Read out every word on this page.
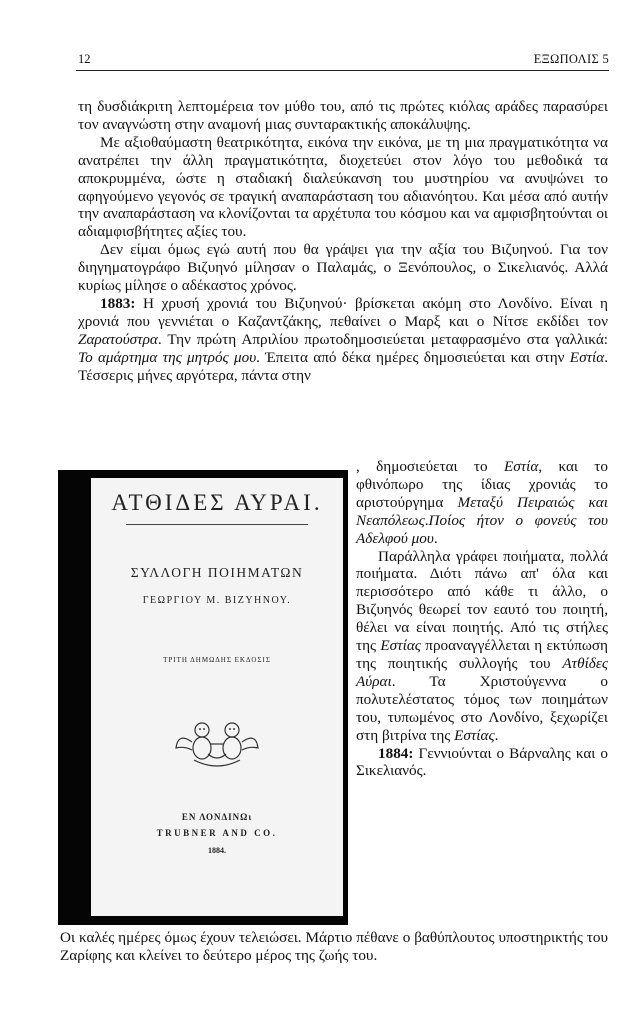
12	ΕΞΩΠΟΛΙΣ 5

τη δυσδιάκριτη λεπτομέρεια τον μύθο του, από τις πρώτες κιόλας αράδες παρασύρει τον αναγνώστη στην αναμονή μιας συνταρακτικής αποκάλυψης.

Με αξιοθαύμαστη θεατρικότητα, εικόνα την εικόνα, με τη μια πραγματικότητα να ανατρέπει την άλλη πραγματικότητα, διοχετεύει στον λόγο του μεθοδικά τα αποκρυμμένα, ώστε η σταδιακή διαλεύκανση του μυστηρίου να ανυψώνει το αφηγούμενο γεγονός σε τραγική αναπαράσταση του αδιανόητου. Και μέσα από αυτήν την αναπαράσταση να κλονίζονται τα αρχέτυπα του κόσμου και να αμφισβητούνται οι αδιαμφισβήτητες αξίες του.

Δεν είμαι όμως εγώ αυτή που θα γράψει για την αξία του Βιζυηνού. Για τον διηγηματογράφο Βιζυηνό μίλησαν ο Παλαμάς, ο Ξενόπουλος, ο Σικελιανός. Αλλά κυρίως μίλησε ο αδέκαστος χρόνος.

1883: Η χρυσή χρονιά του Βιζυηνού· βρίσκεται ακόμη στο Λονδίνο. Είναι η χρονιά που γεννιέται ο Καζαντζάκης, πεθαίνει ο Μαρξ και ο Νίτσε εκδίδει τον Ζαρατούστρα. Την πρώτη Απριλίου πρωτοδημοσιεύεται μεταφρασμένο στα γαλλικά: Το αμάρτημα της μητρός μου. Έπειτα από δέκα ημέρες δημοσιεύεται και στην Εστία. Τέσσερις μήνες αργότερα, πάντα στην

ΑΤΘΙΔΕΣ ΑΥΡΑΙ.
ΣΥΛΛΟΓΗ ΠΟΙΗΜΑΤΩΝ
ΓΕΩΡΓΙΟΥ Μ. ΒΙΖΥΗΝΟΥ.
ΤΡΙΤΗ ΔΗΜΩΔΗΣ ΕΚΔΟΣΙΣ
ΕΝ ΛΟΝΔΙΝΩι
TRUBNER AND CO.
1884.

, δημοσιεύεται το Εστία, και το φθινόπωρο της ίδιας χρονιάς το αριστούργημα Μεταξύ Πειραιώς και Νεαπόλεως.Ποίος ήτον ο φονεύς του Αδελφού μου.

Παράλληλα γράφει ποιήματα, πολλά ποιήματα. Διότι πάνω απ' όλα και περισσότερο από κάθε τι άλλο, ο Βιζυηνός θεωρεί τον εαυτό του ποιητή, θέλει να είναι ποιητής. Από τις στήλες της Εστίας προαναγγέλλεται η εκτύπωση της ποιητικής συλλογής του Ατθίδες Αύραι. Τα Χριστούγεννα ο πολυτελέστατος τόμος των ποιημάτων του, τυπωμένος στο Λονδίνο, ξεχωρίζει στη βιτρίνα της Εστίας.

1884: Γεννιούνται ο Βάρναλης και ο Σικελιανός.

Οι καλές ημέρες όμως έχουν τελειώσει. Μάρτιο πέθανε ο βαθύπλουτος υποστηρικτής του Ζαρίφης και κλείνει το δεύτερο μέρος της ζωής του.
